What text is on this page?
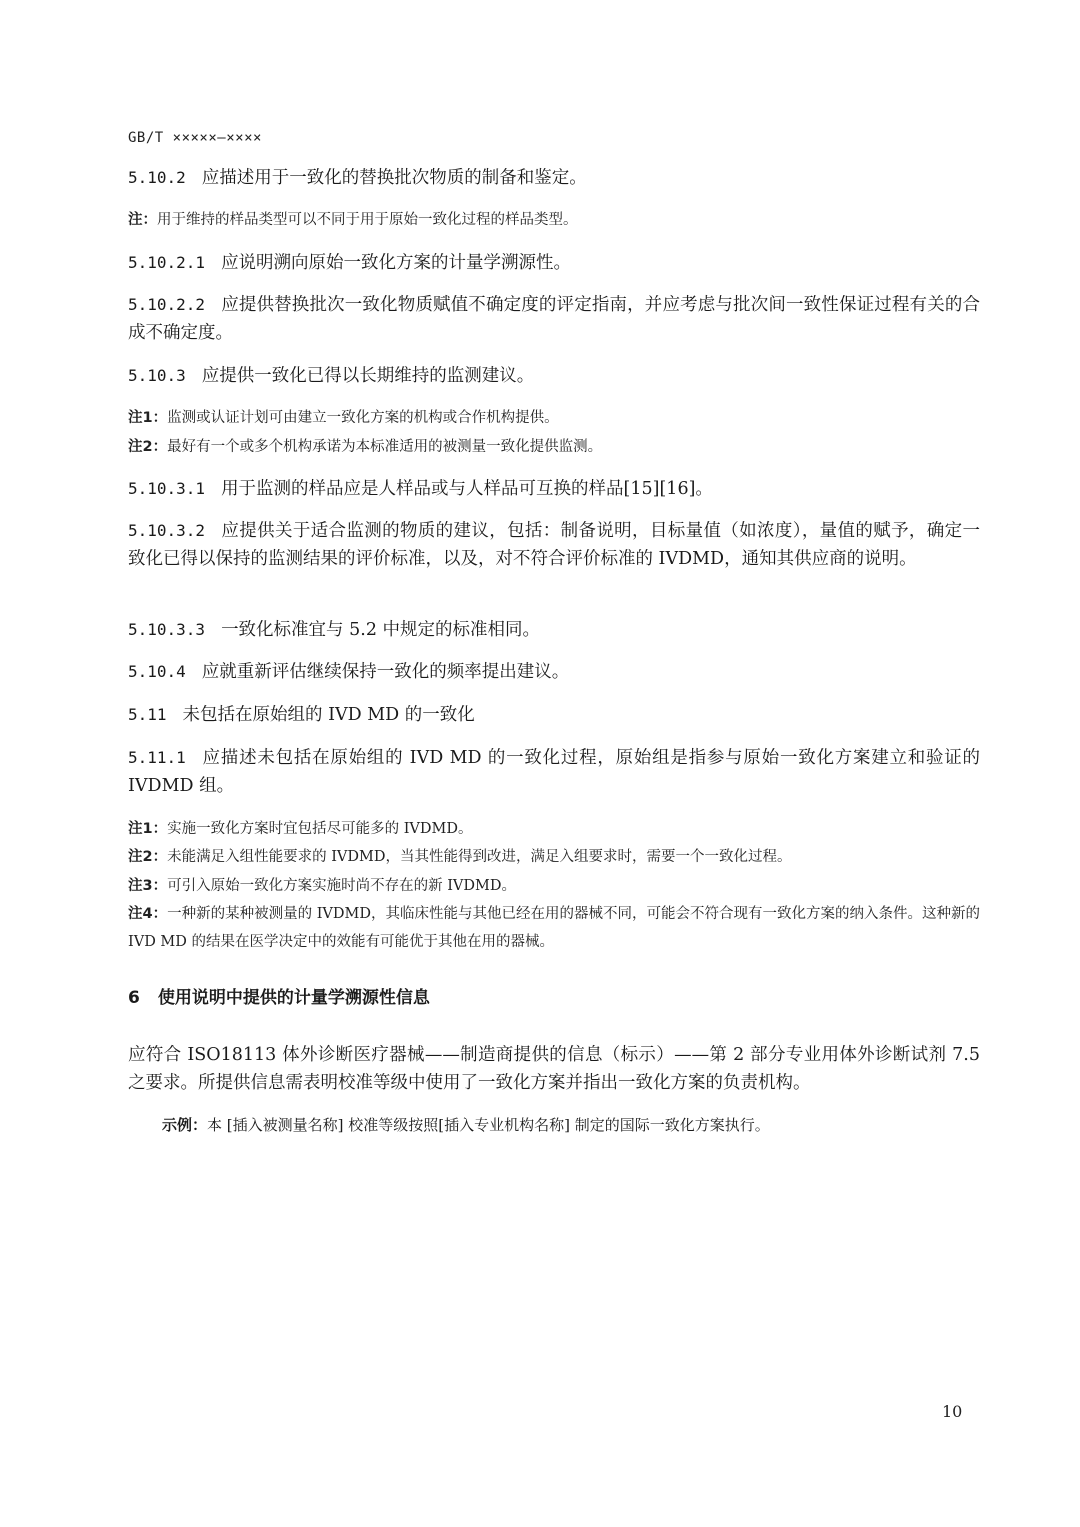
GB/T ×××××—××××

5.10.2 应描述用于一致化的替换批次物质的制备和鉴定。

注：用于维持的样品类型可以不同于用于原始一致化过程的样品类型。

5.10.2.1 应说明溯向原始一致化方案的计量学溯源性。

5.10.2.2 应提供替换批次一致化物质赋值不确定度的评定指南，并应考虑与批次间一致性保证过程有关的合成不确定度。

5.10.3 应提供一致化已得以长期维持的监测建议。

注1：监测或认证计划可由建立一致化方案的机构或合作机构提供。

注2：最好有一个或多个机构承诺为本标准适用的被测量一致化提供监测。

5.10.3.1 用于监测的样品应是人样品或与人样品可互换的样品[15][16]。

5.10.3.2 应提供关于适合监测的物质的建议，包括：制备说明，目标量值（如浓度），量值的赋予，确定一致化已得以保持的监测结果的评价标准，以及，对不符合评价标准的 IVDMD，通知其供应商的说明。

5.10.3.3 一致化标准宜与 5.2 中规定的标准相同。

5.10.4 应就重新评估继续保持一致化的频率提出建议。

5.11 未包括在原始组的 IVD MD 的一致化

5.11.1 应描述未包括在原始组的 IVD MD 的一致化过程，原始组是指参与原始一致化方案建立和验证的 IVDMD 组。

注1：实施一致化方案时宜包括尽可能多的 IVDMD。

注2：未能满足入组性能要求的 IVDMD，当其性能得到改进，满足入组要求时，需要一个一致化过程。

注3：可引入原始一致化方案实施时尚不存在的新 IVDMD。

注4：一种新的某种被测量的 IVDMD，其临床性能与其他已经在用的器械不同，可能会不符合现有一致化方案的纳入条件。这种新的 IVD MD 的结果在医学决定中的效能有可能优于其他在用的器械。

6 使用说明中提供的计量学溯源性信息

应符合 ISO18113 体外诊断医疗器械——制造商提供的信息（标示）——第 2 部分专业用体外诊断试剂 7.5 之要求。所提供信息需表明校准等级中使用了一致化方案并指出一致化方案的负责机构。

示例：本 [插入被测量名称] 校准等级按照[插入专业机构名称] 制定的国际一致化方案执行。
10
